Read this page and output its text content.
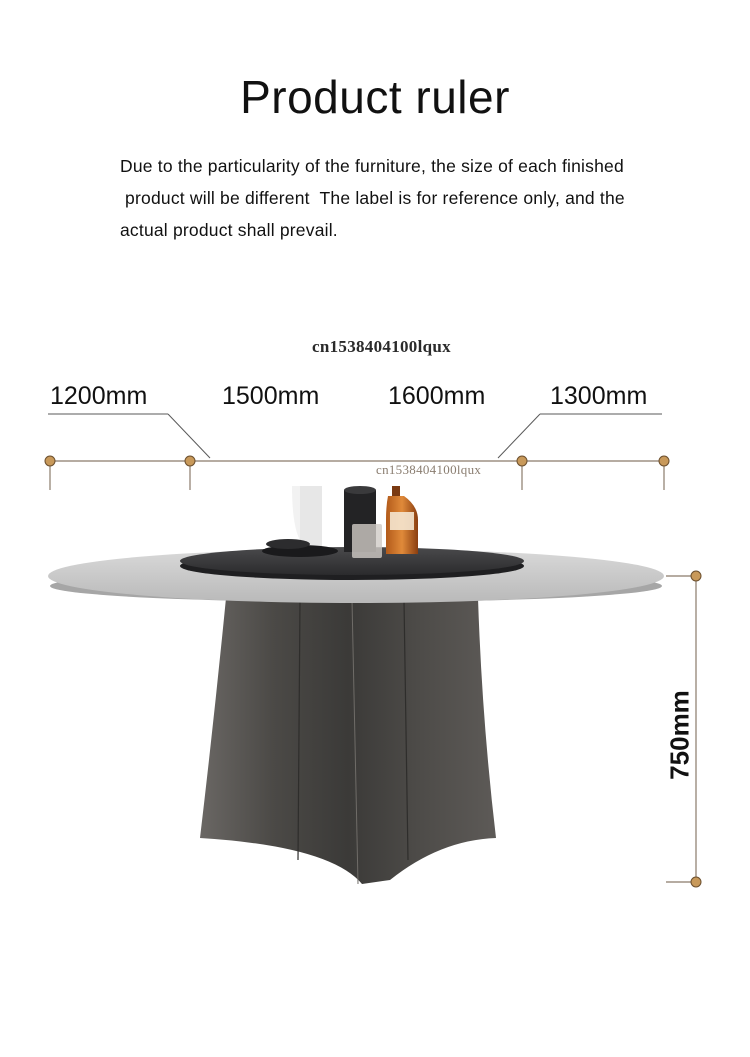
Product ruler
Due to the particularity of the furniture, the size of each finished
product will be different  The label is for reference only, and the
actual product shall prevail.
cn1538404100lqux
1200mm	1500mm	1600mm	1300mm
cn1538404100lqux
750mm
